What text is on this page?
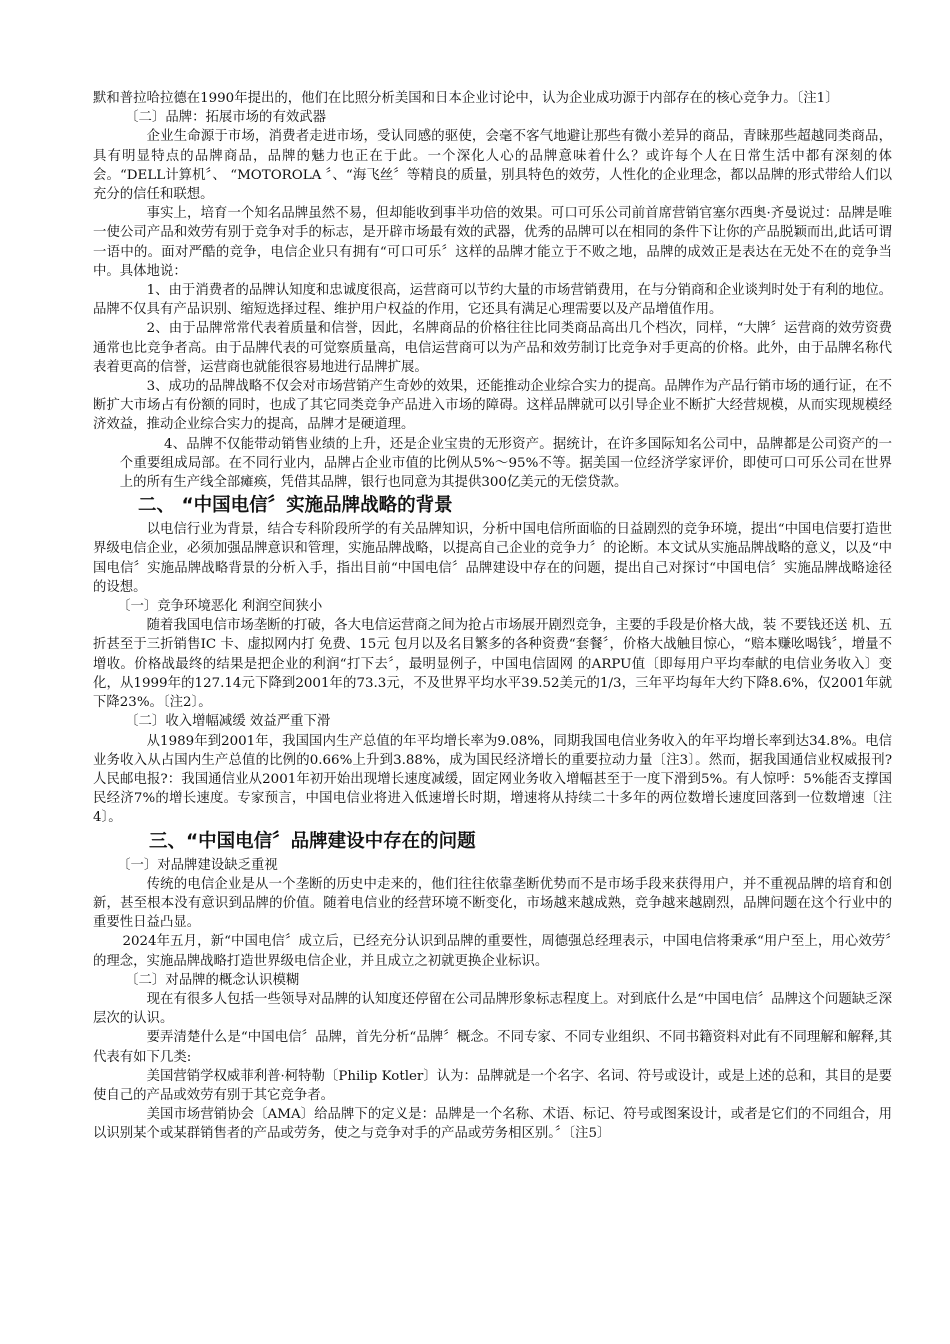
默和普拉哈拉德在1990年提出的，他们在比照分析美国和日本企业讨论中，认为企业成功源于内部存在的核心竞争力。〔注1〕

〔二〕品牌：拓展市场的有效武器

企业生命源于市场，消费者走进市场，受认同感的驱使，会毫不客气地避让那些有微小差异的商品，青睐那些超越同类商品，具有明显特点的品牌商品，品牌的魅力也正在于此。一个深化人心的品牌意味着什么？或许每个人在日常生活中都有深刻的体会。“DELL计算机〞、 “MOTOROLA 〞、“海飞丝〞等精良的质量，别具特色的效劳，人性化的企业理念，都以品牌的形式带给人们以充分的信任和联想。

事实上，培育一个知名品牌虽然不易，但却能收到事半功倍的效果。可口可乐公司前首席营销官塞尔西奥·齐曼说过：品牌是唯一使公司产品和效劳有别于竞争对手的标志，是开辟市场最有效的武器，优秀的品牌可以在相同的条件下让你的产品脱颖而出,此话可谓一语中的。面对严酷的竞争，电信企业只有拥有“可口可乐〞这样的品牌才能立于不败之地，品牌的成效正是表达在无处不在的竞争当中。具体地说：

1、由于消费者的品牌认知度和忠诚度很高，运营商可以节约大量的市场营销费用，在与分销商和企业谈判时处于有利的地位。品牌不仅具有产品识别、缩短选择过程、维护用户权益的作用，它还具有满足心理需要以及产品增值作用。

2、由于品牌常常代表着质量和信誉，因此，名牌商品的价格往往比同类商品高出几个档次，同样，“大牌〞运营商的效劳资费通常也比竞争者高。由于品牌代表的可觉察质量高，电信运营商可以为产品和效劳制订比竞争对手更高的价格。此外，由于品牌名称代表着更高的信誉，运营商也就能很容易地进行品牌扩展。

3、成功的品牌战略不仅会对市场营销产生奇妙的效果，还能推动企业综合实力的提高。品牌作为产品行销市场的通行证，在不断扩大市场占有份额的同时，也成了其它同类竞争产品进入市场的障碍。这样品牌就可以引导企业不断扩大经营规模，从而实现规模经济效益，推动企业综合实力的提高，品牌才是硬道理。

4、品牌不仅能带动销售业绩的上升，还是企业宝贵的无形资产。据统计，在许多国际知名公司中，品牌都是公司资产的一个重要组成局部。在不同行业内，品牌占企业市值的比例从5%～95%不等。据美国一位经济学家评价，即使可口可乐公司在世界上的所有生产线全部瘫痪，凭借其品牌，银行也同意为其提供300亿美元的无偿贷款。

二、 “中国电信〞实施品牌战略的背景

以电信行业为背景，结合专科阶段所学的有关品牌知识，分析中国电信所面临的日益剧烈的竞争环境，提出“中国电信要打造世界级电信企业，必须加强品牌意识和管理，实施品牌战略，以提高自己企业的竞争力〞的论断。本文试从实施品牌战略的意义，以及“中国电信〞实施品牌战略背景的分析入手，指出目前“中国电信〞品牌建设中存在的问题，提出自己对探讨“中国电信〞实施品牌战略途径的设想。

〔一〕竞争环境恶化 利润空间狭小

随着我国电信市场垄断的打破，各大电信运营商之间为抢占市场展开剧烈竞争，主要的手段是价格大战，装 不要钱还送 机、五折甚至于三折销售IC 卡、虚拟网内打 免费、15元 包月以及名目繁多的各种资费“套餐〞，价格大战触目惊心，“赔本赚吆喝钱〞，增量不增收。价格战最终的结果是把企业的利润“打下去〞，最明显例子，中国电信固网 的ARPU值〔即每用户平均奉献的电信业务收入〕变化，从1999年的127.14元下降到2001年的73.3元，不及世界平均水平39.52美元的1/3，三年平均每年大约下降8.6%，仅2001年就下降23%。〔注2〕。

〔二〕收入增幅减缓 效益严重下滑

从1989年到2001年，我国国内生产总值的年平均增长率为9.08%，同期我国电信业务收入的年平均增长率到达34.8%。电信业务收入从占国内生产总值的比例的0.66%上升到3.88%，成为国民经济增长的重要拉动力量〔注3〕。然而，据我国通信业权威报刊?人民邮电报?：我国通信业从2001年初开始出现增长速度减缓，固定网业务收入增幅甚至于一度下滑到5%。有人惊呼：5%能否支撑国民经济7%的增长速度。专家预言，中国电信业将进入低速增长时期，增速将从持续二十多年的两位数增长速度回落到一位数增速〔注4〕。

三、“中国电信〞品牌建设中存在的问题

〔一〕对品牌建设缺乏重视

传统的电信企业是从一个垄断的历史中走来的，他们往往依靠垄断优势而不是市场手段来获得用户，并不重视品牌的培育和创新，甚至根本没有意识到品牌的价值。随着电信业的经营环境不断变化，市场越来越成熟，竞争越来越剧烈，品牌问题在这个行业中的重要性日益凸显。

2024年五月，新“中国电信〞成立后，已经充分认识到品牌的重要性，周德强总经理表示，中国电信将秉承“用户至上，用心效劳〞的理念，实施品牌战略打造世界级电信企业，并且成立之初就更换企业标识。

〔二〕对品牌的概念认识模糊

现在有很多人包括一些领导对品牌的认知度还停留在公司品牌形象标志程度上。对到底什么是“中国电信〞品牌这个问题缺乏深层次的认识。

要弄清楚什么是“中国电信〞品牌，首先分析“品牌〞概念。不同专家、不同专业组织、不同书籍资料对此有不同理解和解释,其代表有如下几类:

美国营销学权威菲利普·柯特勒〔Philip Kotler〕认为：品牌就是一个名字、名词、符号或设计，或是上述的总和，其目的是要使自己的产品或效劳有别于其它竞争者。

美国市场营销协会〔AMA〕给品牌下的定义是：品牌是一个名称、术语、标记、符号或图案设计，或者是它们的不同组合，用以识别某个或某群销售者的产品或劳务，使之与竞争对手的产品或劳务相区别。〞〔注5〕
